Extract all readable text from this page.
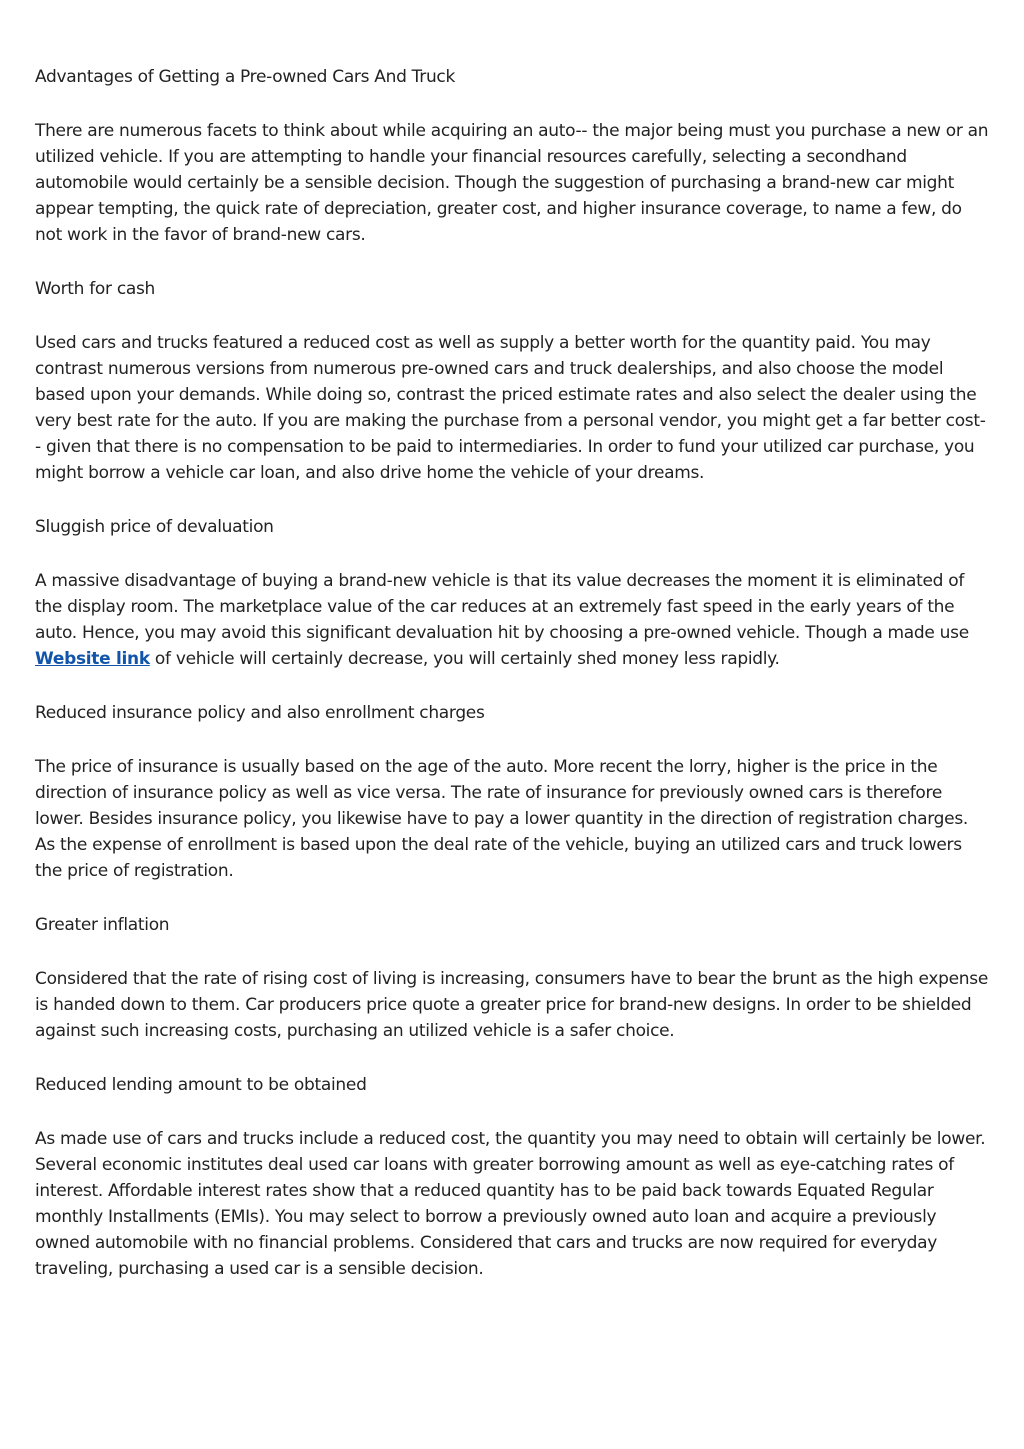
Advantages of Getting a Pre-owned Cars And Truck

There are numerous facets to think about while acquiring an auto-- the major being must you purchase a new or an utilized vehicle. If you are attempting to handle your financial resources carefully, selecting a secondhand automobile would certainly be a sensible decision. Though the suggestion of purchasing a brand-new car might appear tempting, the quick rate of depreciation, greater cost, and higher insurance coverage, to name a few, do not work in the favor of brand-new cars.

Worth for cash

Used cars and trucks featured a reduced cost as well as supply a better worth for the quantity paid. You may contrast numerous versions from numerous pre-owned cars and truck dealerships, and also choose the model based upon your demands. While doing so, contrast the priced estimate rates and also select the dealer using the very best rate for the auto. If you are making the purchase from a personal vendor, you might get a far better cost-- given that there is no compensation to be paid to intermediaries. In order to fund your utilized car purchase, you might borrow a vehicle car loan, and also drive home the vehicle of your dreams.

Sluggish price of devaluation

A massive disadvantage of buying a brand-new vehicle is that its value decreases the moment it is eliminated of the display room. The marketplace value of the car reduces at an extremely fast speed in the early years of the auto. Hence, you may avoid this significant devaluation hit by choosing a pre-owned vehicle. Though a made use Website link of vehicle will certainly decrease, you will certainly shed money less rapidly.

Reduced insurance policy and also enrollment charges

The price of insurance is usually based on the age of the auto. More recent the lorry, higher is the price in the direction of insurance policy as well as vice versa. The rate of insurance for previously owned cars is therefore lower. Besides insurance policy, you likewise have to pay a lower quantity in the direction of registration charges. As the expense of enrollment is based upon the deal rate of the vehicle, buying an utilized cars and truck lowers the price of registration.

Greater inflation

Considered that the rate of rising cost of living is increasing, consumers have to bear the brunt as the high expense is handed down to them. Car producers price quote a greater price for brand-new designs. In order to be shielded against such increasing costs, purchasing an utilized vehicle is a safer choice.

Reduced lending amount to be obtained

As made use of cars and trucks include a reduced cost, the quantity you may need to obtain will certainly be lower. Several economic institutes deal used car loans with greater borrowing amount as well as eye-catching rates of interest. Affordable interest rates show that a reduced quantity has to be paid back towards Equated Regular monthly Installments (EMIs). You may select to borrow a previously owned auto loan and acquire a previously owned automobile with no financial problems. Considered that cars and trucks are now required for everyday traveling, purchasing a used car is a sensible decision.
